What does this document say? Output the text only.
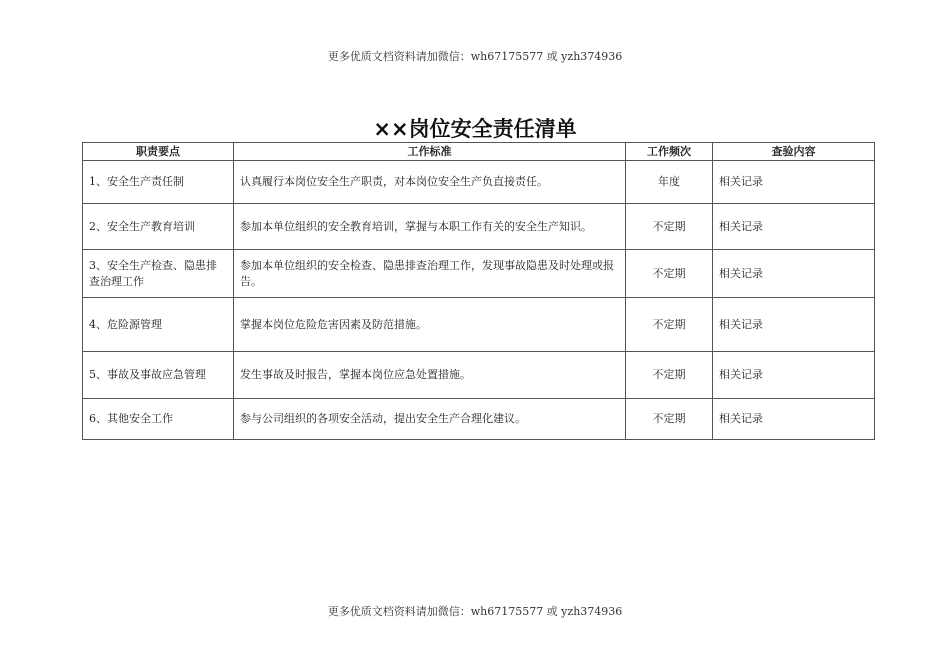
更多优质文档资料请加微信：wh67175577 或 yzh374936
××岗位安全责任清单
职责要点	工作标准	工作频次	查验内容
1、安全生产责任制	认真履行本岗位安全生产职责，对本岗位安全生产负直接责任。	年度	相关记录
2、安全生产教育培训	参加本单位组织的安全教育培训，掌握与本职工作有关的安全生产知识。	不定期	相关记录
3、安全生产检查、隐患排查治理工作	参加本单位组织的安全检查、隐患排查治理工作，发现事故隐患及时处理或报告。	不定期	相关记录
4、危险源管理	掌握本岗位危险危害因素及防范措施。	不定期	相关记录
5、事故及事故应急管理	发生事故及时报告，掌握本岗位应急处置措施。	不定期	相关记录
6、其他安全工作	参与公司组织的各项安全活动，提出安全生产合理化建议。	不定期	相关记录
更多优质文档资料请加微信：wh67175577 或 yzh374936
